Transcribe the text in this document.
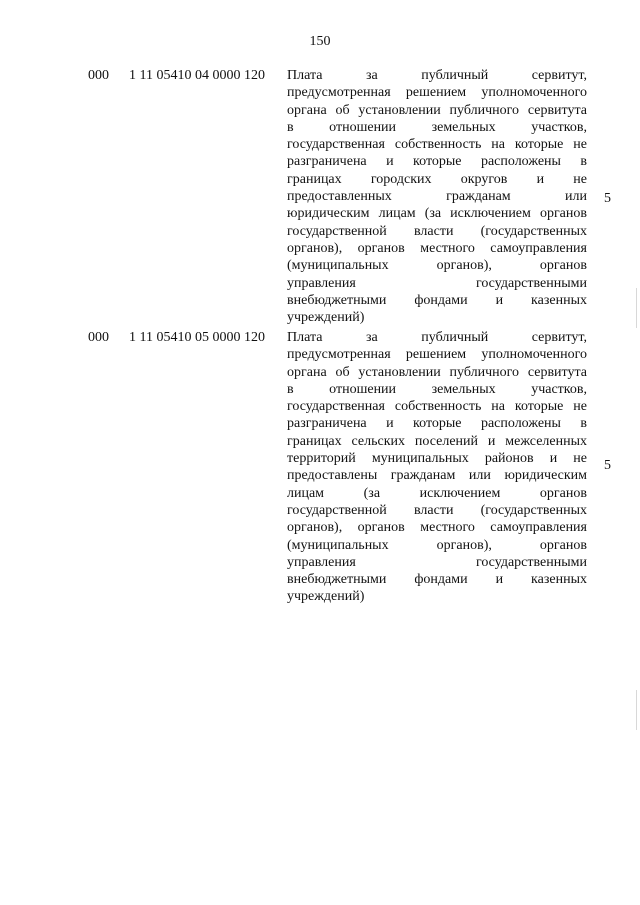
150
000 1 11 05410 04 0000 120 Плата за публичный сервитут,
предусмотренная решением уполномоченного
органа об установлении публичного сервитута
в отношении земельных участков,
государственная собственность на которые не
разграничена и которые расположены в
границах городских округов и не
предоставленных гражданам или
юридическим лицам (за исключением органов
государственной власти (государственных
органов), органов местного самоуправления
(муниципальных органов), органов
управления государственными
внебюджетными фондами и казенных
учреждений)
5
000 1 11 05410 05 0000 120 Плата за публичный сервитут,
предусмотренная решением уполномоченного
органа об установлении публичного сервитута
в отношении земельных участков,
государственная собственность на которые не
разграничена и которые расположены в
границах сельских поселений и межселенных
территорий муниципальных районов и не
предоставлены гражданам или юридическим
лицам (за исключением органов
государственной власти (государственных
органов), органов местного самоуправления
(муниципальных органов), органов
управления государственными
внебюджетными фондами и казенных
учреждений)
5
